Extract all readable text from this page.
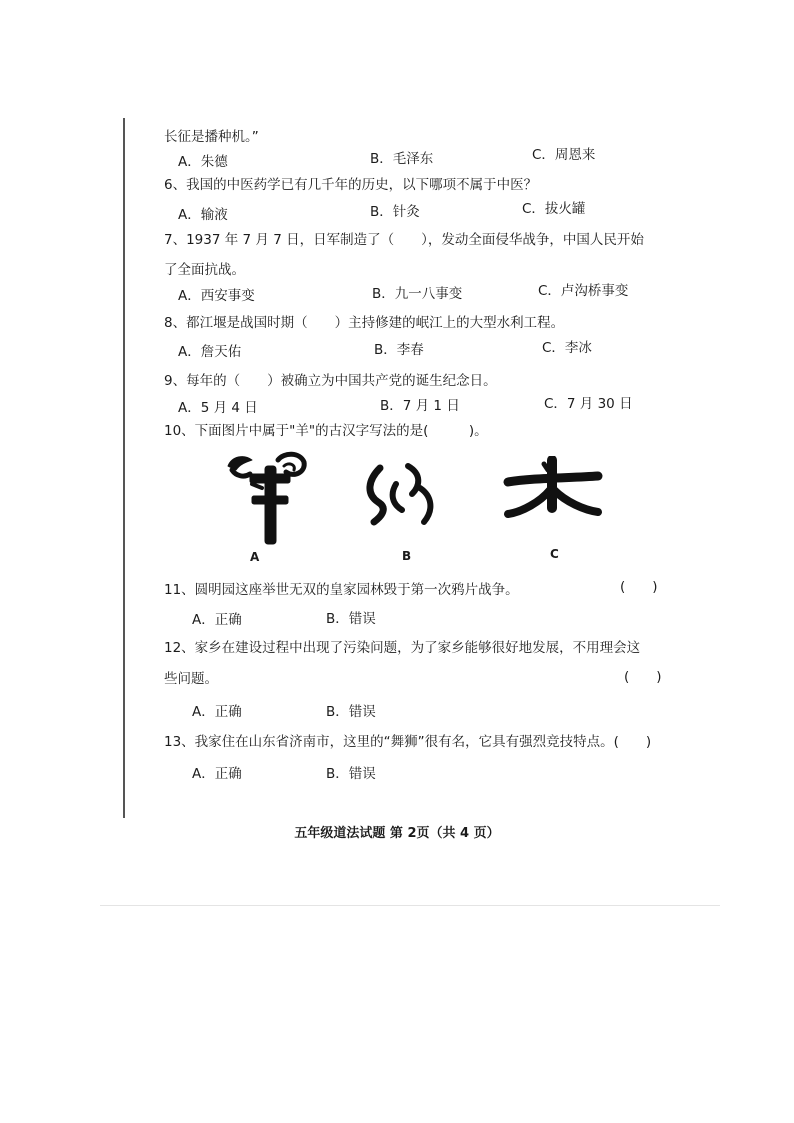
长征是播种机。”
A．朱德	B．毛泽东	C．周恩来
6、我国的中医药学已有几千年的历史，以下哪项不属于中医？
A．输液	B．针灸	C．拔火罐
7、1937 年 7 月 7 日，日军制造了（　　），发动全面侵华战争，中国人民开始
了全面抗战。
A．西安事变	B．九一八事变	C．卢沟桥事变
8、都江堰是战国时期（　　）主持修建的岷江上的大型水利工程。
A．詹天佑	B．李春	C．李冰
9、每年的（　　）被确立为中国共产党的诞生纪念日。
A．5 月 4 日	B．7 月 1 日	C．7 月 30 日
10、下面图片中属于"羊"的古汉字写法的是(　　　)。
A	B	C
11、圆明园这座举世无双的皇家园林毁于第一次鸦片战争。	(　　)
A．正确	B．错误
12、家乡在建设过程中出现了污染问题，为了家乡能够很好地发展，不用理会这
些问题。	(　　)
A．正确	B．错误
13、我家住在山东省济南市，这里的“舞狮”很有名，它具有强烈竞技特点。(　　)
A．正确	B．错误
五年级道法试题 第 2页（共 4 页）
